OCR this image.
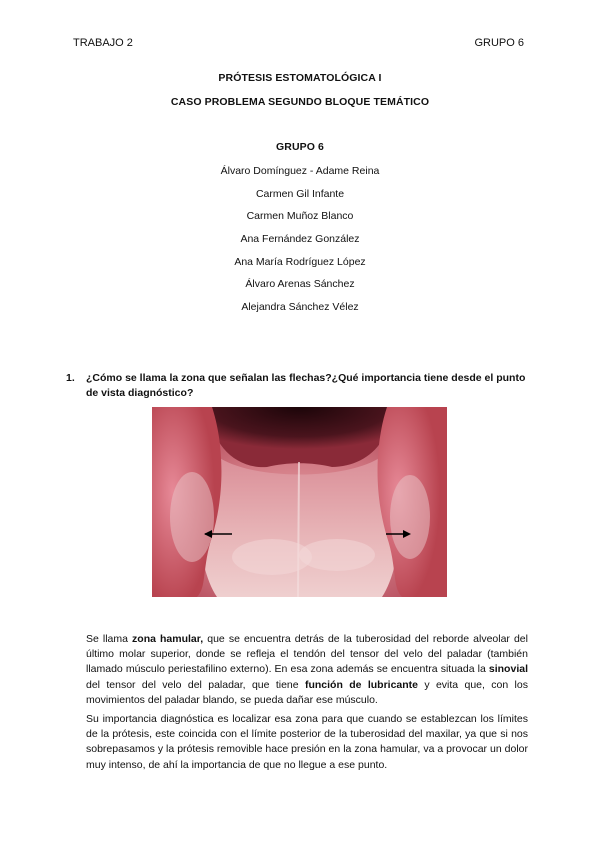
TRABAJO 2	GRUPO 6
PRÓTESIS ESTOMATOLÓGICA I
CASO PROBLEMA SEGUNDO BLOQUE TEMÁTICO
GRUPO 6
Álvaro Domínguez - Adame Reina
Carmen Gil Infante
Carmen Muñoz Blanco
Ana Fernández González
Ana María Rodríguez López
Álvaro Arenas Sánchez
Alejandra Sánchez Vélez
1. ¿Cómo se llama la zona que señalan las flechas?¿Qué importancia tiene desde el punto de vista diagnóstico?
Se llama zona hamular, que se encuentra detrás de la tuberosidad del reborde alveolar del último molar superior, donde se refleja el tendón del tensor del velo del paladar (también llamado músculo periestafilino externo). En esa zona además se encuentra situada la sinovial del tensor del velo del paladar, que tiene función de lubricante y evita que, con los movimientos del paladar blando, se pueda dañar ese músculo.
Su importancia diagnóstica es localizar esa zona para que cuando se establezcan los límites de la prótesis, este coincida con el límite posterior de la tuberosidad del maxilar, ya que si nos sobrepasamos y la prótesis removible hace presión en la zona hamular, va a provocar un dolor muy intenso, de ahí la importancia de que no llegue a ese punto.
